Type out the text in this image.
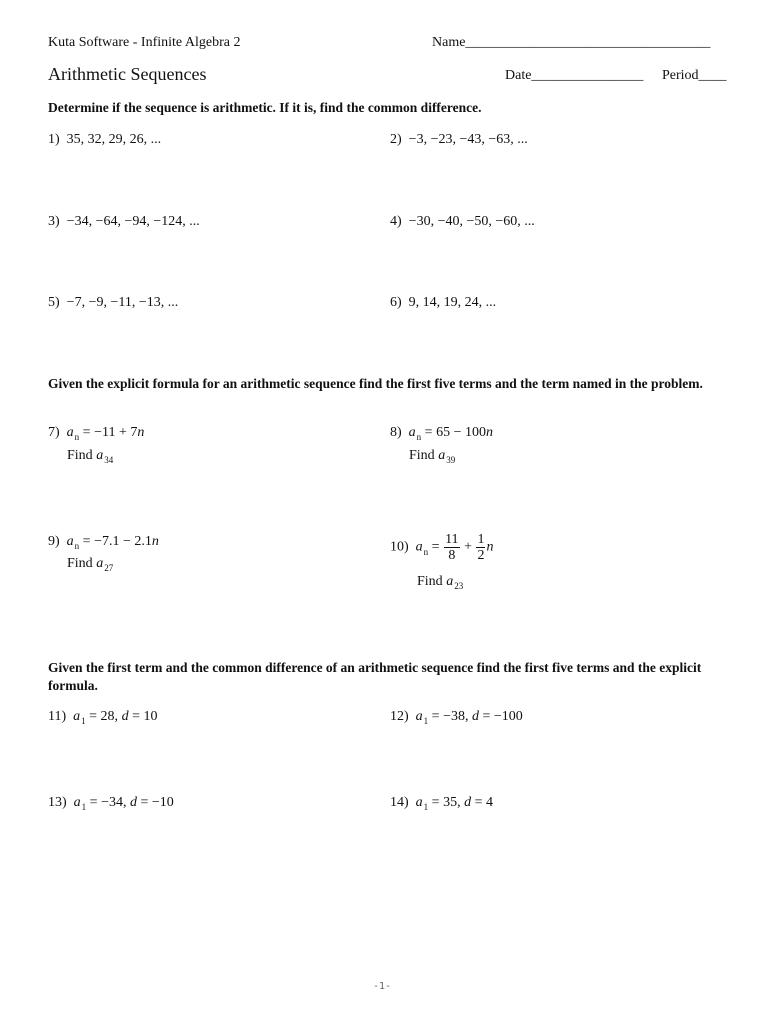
Kuta Software - Infinite Algebra 2	Name___________________________________
Arithmetic Sequences	Date________________ Period____
Determine if the sequence is arithmetic. If it is, find the common difference.
1) 35, 32, 29, 26, ...	2) −3, −23, −43, −63, ...
3) −34, −64, −94, −124, ...	4) −30, −40, −50, −60, ...
5) −7, −9, −11, −13, ...	6) 9, 14, 19, 24, ...
Given the explicit formula for an arithmetic sequence find the first five terms and the term named in the problem.
7) $a_n = -11 + 7n$
Find $a_{34}$
8) $a_n = 65 - 100n$
Find $a_{39}$
9) $a_n = -7.1 - 2.1n$
Find $a_{27}$
10) $a_n = \frac{11}{8} + \frac{1}{2}$ n
Find $a_{23}$
Given the first term and the common difference of an arithmetic sequence find the first five terms and the explicit formula.
11) $a_1 = 28$, d = 10	12) $a_1 = -38$, d = −100
13) $a_1 = -34$, d = −10	14) $a_1 = 35$, d = 4
-1-
